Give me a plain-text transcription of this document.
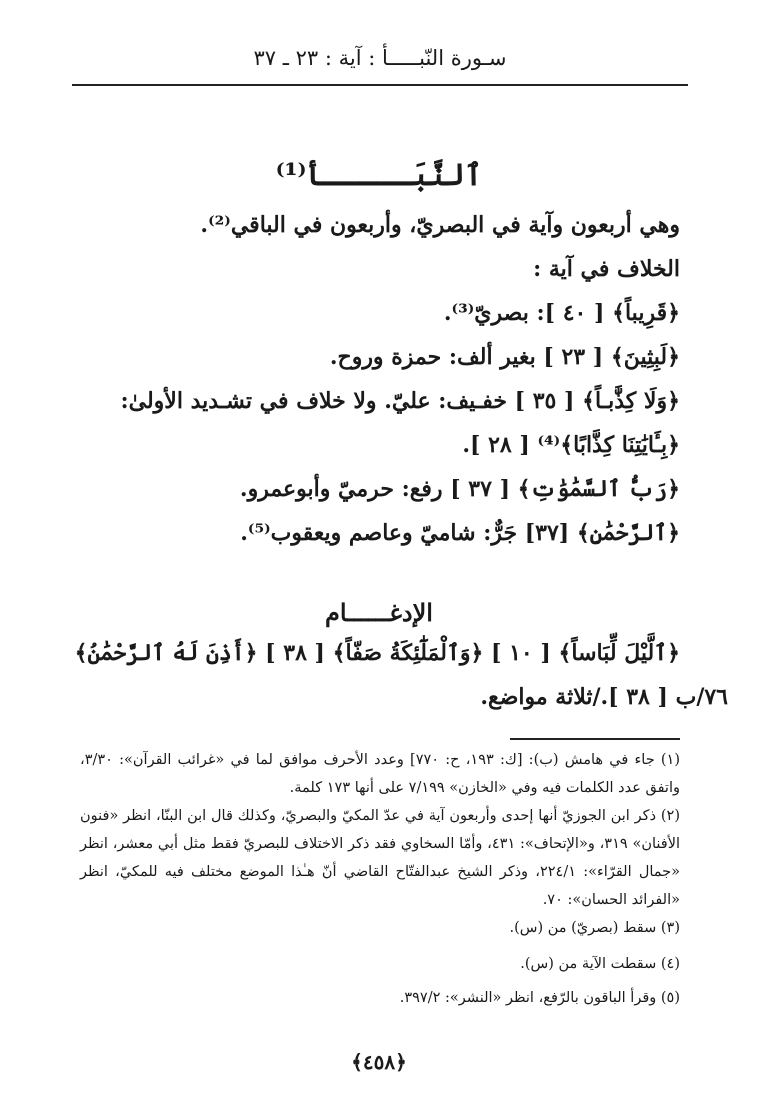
سـورة النّبـــــأ : آية : ٢٣ ـ ٣٧
ٱلنَّبَـــــأ⁽¹⁾
وهي أربعون وآية في البصريّ، وأربعون في الباقي⁽²⁾.
الخلاف في آية :
﴿قَرِيباً﴾ [ ٤٠ ]: بصريّ⁽³⁾.
﴿لَبِثِينَ﴾ [ ٢٣ ] بغير ألف: حمزة وروح.
﴿وَلَا كِذَّٰبـاً﴾ [ ٣٥ ] خفـيف: عليّ. ولا خلاف في تشـديد الأولىٰ:
﴿بِـَٔايَٰتِنَا كِذَّابًا﴾⁽⁴⁾ [ ٢٨ ].
﴿رَبُّ ٱلسَّمَٰوَٰتِ﴾ [ ٣٧ ] رفع: حرميّ وأبوعمرو.
﴿ٱلرَّحْمَٰنِ﴾ [٣٧] جَرٌّ: شاميّ وعاصم ويعقوب⁽⁵⁾.
الإدغــــــام
﴿ٱلَّيْلَ لِّبَاساً﴾ [ ١٠ ] ﴿وَٱلْمَلَٰٓئِكَةُ صَفّاً﴾ [ ٣٨ ] ﴿أَذِنَ لَهُ ٱلرَّحْمَٰنُ﴾
٧٦/ب [ ٣٨ ]./ثلاثة مواضع.
(١) جاء في هامش (ب): [ك: ١٩٣، ح: ٧٧٠] وعدد الأحرف موافق لما في «غرائب القرآن»: ٣/٣٠، واتفق عدد الكلمات فيه وفي «الخازن» ٧/١٩٩ على أنها ١٧٣ كلمة.
(٢) ذكر ابن الجوزيّ أنها إحدى وأربعون آية في عدّ المكيّ والبصريّ، وكذلك قال ابن البنّا، انظر «فنون الأفنان» ٣١٩، و«الإتحاف»: ٤٣١، وأمّا السخاوي فقد ذكر الاختلاف للبصريّ فقط مثل أبي معشر، انظر «جمال القرّاء»: ٢٢٤/١، وذكر الشيخ عبدالفتّاح القاضي أنّ هـٰذا الموضع مختلف فيه للمكيّ، انظر «الفرائد الحسان»: ٧٠.
(٣) سقط (بصريّ) من (س).
(٤) سقطت الآية من (س).
(٥) وقرأ الباقون بالرّفع، انظر «النشر»: ٣٩٧/٢.
﴿٤٥٨﴾
